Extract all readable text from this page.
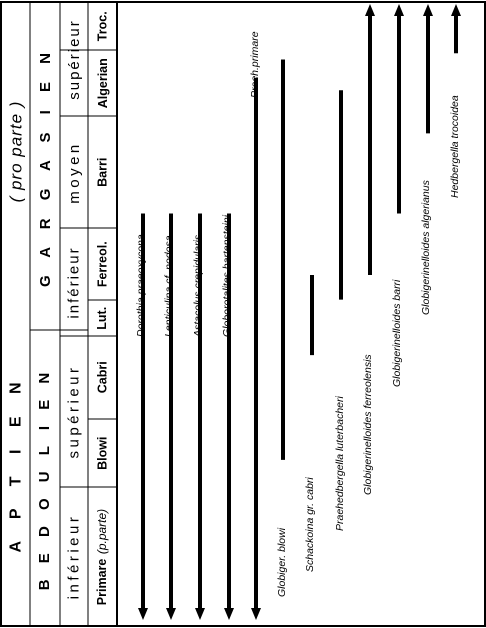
A P T I E N
( pro parte )
B E D O U L I E N
G A R G A S I E N
inférieur
supérieur
inférieur
moyen
supérieur
Primare (p.parte)
Blowi
Cabri
Lut.
Ferreol.
Barri
Algerian
Troc.
Dorothia praeoxycona Lenticulina cf. nodosa Astacolus crepidularis Globorotalites bartensteini
Praeh.primare
Globiger. blowi Schackoina gr. cabri Praehedbergella luterbacheri Globigerinelloides ferreolensis
Globigerinelloides barri
Globigerinelloides algerianus
Hedbergella trocoidea
